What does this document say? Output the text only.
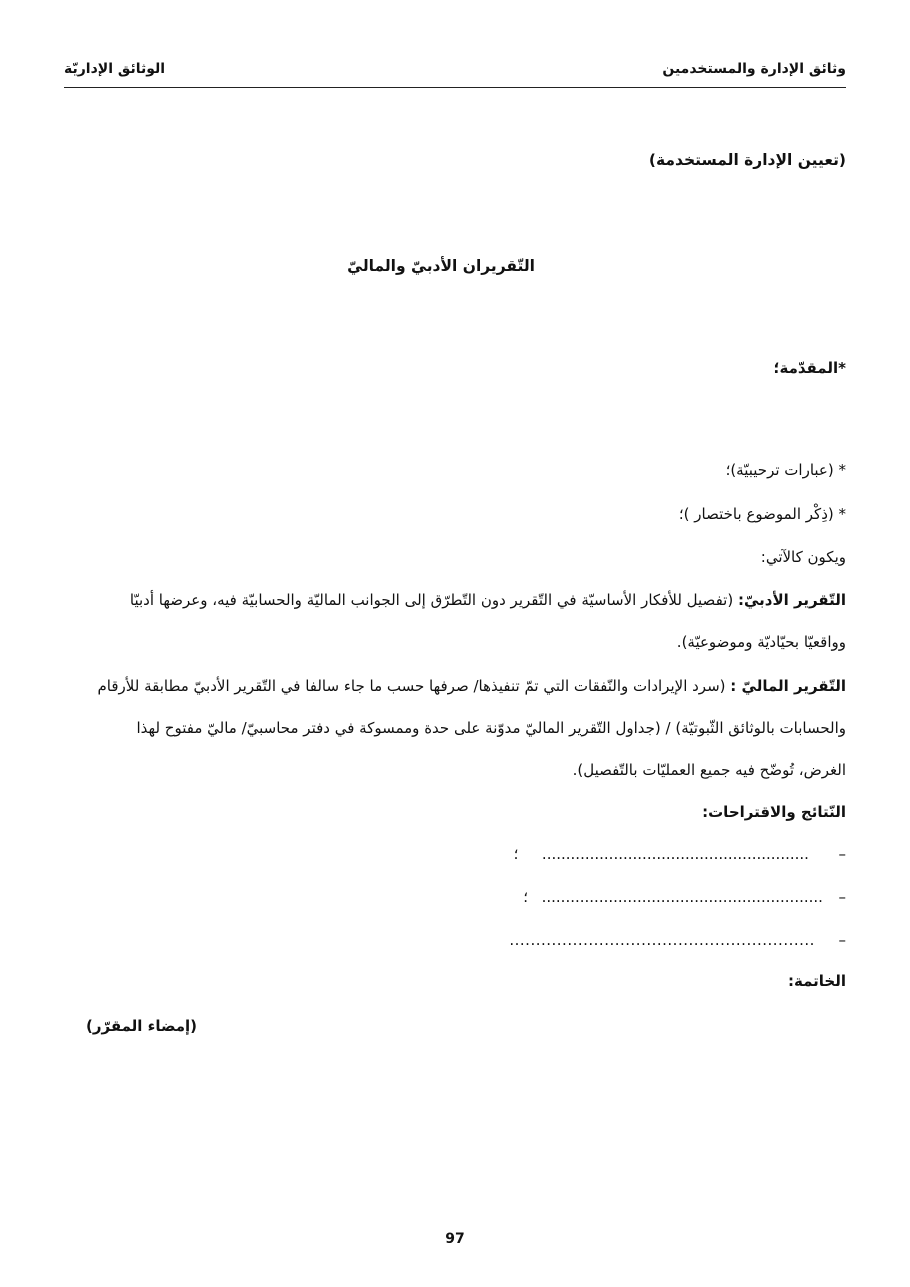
وثائق الإدارة والمستخدمين
الوثائق الإداريّة
(تعيين الإدارة المستخدمة)
التّقريران الأدبيّ والماليّ
*المقدّمة؛
* (عبارات ترحيبيّة)؛
* (ذِكْر الموضوع باختصار )؛
ويكون كالآتي:
التّقرير الأدبيّ: (تفصيل للأفكار الأساسيّة في التّقرير دون التّطرّق إلى الجوانب الماليّة والحسابيّة فيه، وعرضها أدبيّا
وواقعيّا بحيّاديّة وموضوعيّة).
التّقرير الماليّ : (سرد الإيرادات والنّفقات التي تمّ تنفيذها/ صرفها حسب ما جاء سالفا في التّقرير الأدبيّ مطابقة للأرقام
والحسابات بالوثائق الثّبوتيّة) / (جداول التّقرير الماليّ مدوّنة على حدة وممسوكة في دفتر محاسبيّ/ ماليّ مفتوح لهذا
الغرض، تُوضّح فيه جميع العمليّات بالتّفصيل).
النّتائج والاقتراحات:
–  ........................................................  ؛
–  ...........................................................  ؛
–  ..........................................................
الخاتمة:
(إمضاء المقرّر)
97
